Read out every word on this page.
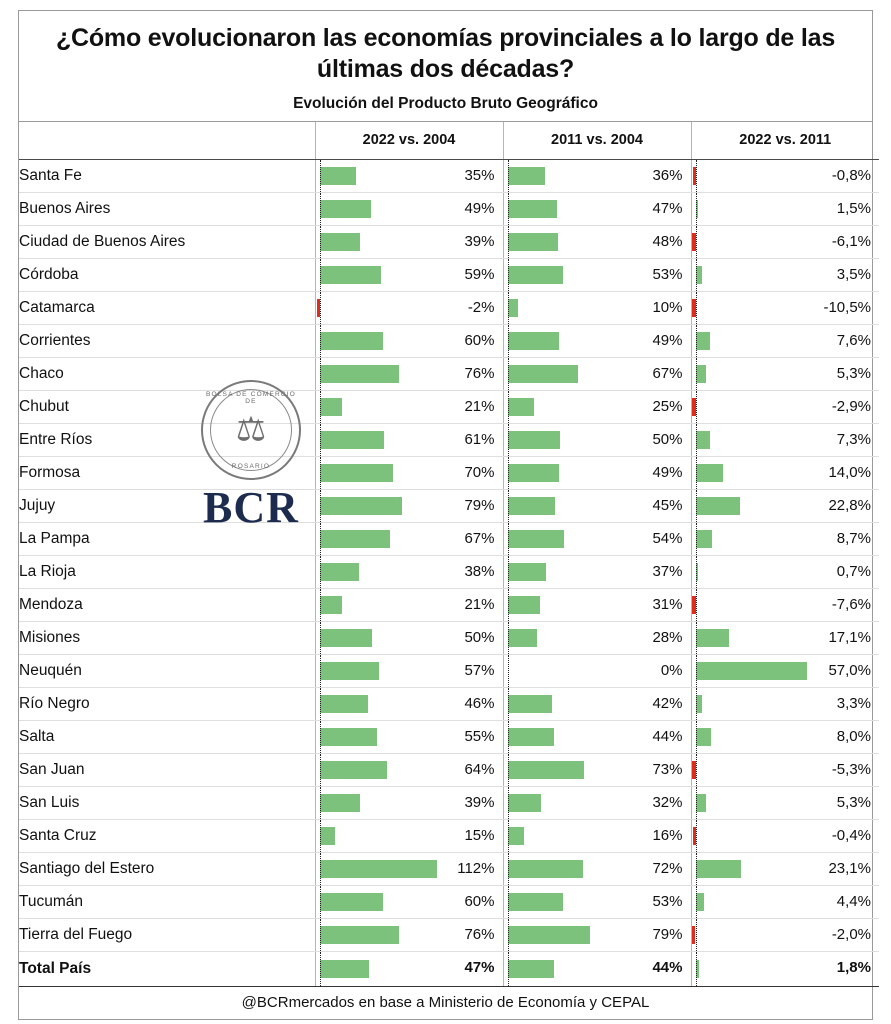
¿Cómo evolucionaron las economías provinciales a lo largo de las últimas dos décadas?
Evolución del Producto Bruto Geográfico
	2022 vs. 2004	2011 vs. 2004	2022 vs. 2011
Santa Fe	35%	36%	-0,8%

Buenos Aires	49%	47%	1,5%

Ciudad de Buenos Aires	39%	48%	-6,1%

Córdoba	59%	53%	3,5%

Catamarca	-2%	10%	-10,5%

Corrientes	60%	49%	7,6%

Chaco	76%	67%	5,3%

Chubut	21%	25%	-2,9%

Entre Ríos	61%	50%	7,3%

Formosa	70%	49%	14,0%

Jujuy	79%	45%	22,8%

La Pampa	67%	54%	8,7%

La Rioja	38%	37%	0,7%

Mendoza	21%	31%	-7,6%

Misiones	50%	28%	17,1%

Neuquén	57%	0%	57,0%

Río Negro	46%	42%	3,3%

Salta	55%	44%	8,0%

San Juan	64%	73%	-5,3%

San Luis	39%	32%	5,3%

Santa Cruz	15%	16%	-0,4%

Santiago del Estero	112%	72%	23,1%

Tucumán	60%	53%	4,4%

Tierra del Fuego	76%	79%	-2,0%

Total País	47%	44%	1,8%
@BCRmercados en base a Ministerio de Economía y CEPAL
BOLSA DE COMERCIO DE
⚖
ROSARIO
BCR
